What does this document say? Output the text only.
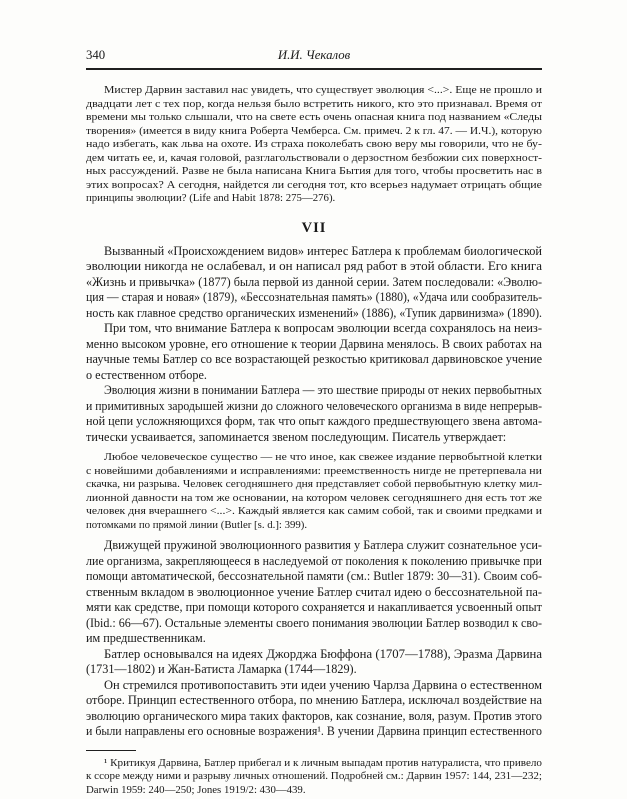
340	И.И. Чекалов
Мистер Дарвин заставил нас увидеть, что существует эволюция <...>. Еще не прошло и
двадцати лет с тех пор, когда нельзя было встретить никого, кто это признавал. Время от
времени мы только слышали, что на свете есть очень опасная книга под названием «Следы
творения» (имеется в виду книга Роберта Чемберса. См. примеч. 2 к гл. 47. — И.Ч.), которую
надо избегать, как льва на охоте. Из страха поколебать свою веру мы говорили, что не бу-
дем читать ее, и, качая головой, разглагольствовали о дерзостном безбожии сих поверхност-
ных рассуждений. Разве не была написана Книга Бытия для того, чтобы просветить нас в
этих вопросах? А сегодня, найдется ли сегодня тот, кто всерьез надумает отрицать общие
принципы эволюции? (Life and Habit 1878: 275—276).
VII
Вызванный «Происхождением видов» интерес Батлера к проблемам биологической
эволюции никогда не ослабевал, и он написал ряд работ в этой области. Его книга
«Жизнь и привычка» (1877) была первой из данной серии. Затем последовали: «Эволю-
ция — старая и новая» (1879), «Бессознательная память» (1880), «Удача или сообразитель-
ность как главное средство органических изменений» (1886), «Тупик дарвинизма» (1890).
При том, что внимание Батлера к вопросам эволюции всегда сохранялось на неиз-
менно высоком уровне, его отношение к теории Дарвина менялось. В своих работах на
научные темы Батлер со все возрастающей резкостью критиковал дарвиновское учение
о естественном отборе.
Эволюция жизни в понимании Батлера — это шествие природы от неких первобытных
и примитивных зародышей жизни до сложного человеческого организма в виде непрерыв-
ной цепи усложняющихся форм, так что опыт каждого предшествующего звена автома-
тически усваивается, запоминается звеном последующим. Писатель утверждает:
Любое человеческое существо — не что иное, как свежее издание первобытной клетки
с новейшими добавлениями и исправлениями: преемственность нигде не претерпевала ни
скачка, ни разрыва. Человек сегодняшнего дня представляет собой первобытную клетку мил-
лионной давности на том же основании, на котором человек сегодняшнего дня есть тот же
человек дня вчерашнего <...>. Каждый является как самим собой, так и своими предками и
потомками по прямой линии (Butler [s. d.]: 399).
Движущей пружиной эволюционного развития у Батлера служит сознательное уси-
лие организма, закрепляющееся в наследуемой от поколения к поколению привычке при
помощи автоматической, бессознательной памяти (см.: Butler 1879: 30—31). Своим соб-
ственным вкладом в эволюционное учение Батлер считал идею о бессознательной па-
мяти как средстве, при помощи которого сохраняется и накапливается усвоенный опыт
(Ibid.: 66—67). Остальные элементы своего понимания эволюции Батлер возводил к сво-
им предшественникам.
Батлер основывался на идеях Джорджа Бюффона (1707—1788), Эразма Дарвина
(1731—1802) и Жан-Батиста Ламарка (1744—1829).
Он стремился противопоставить эти идеи учению Чарлза Дарвина о естественном
отборе. Принцип естественного отбора, по мнению Батлера, исключал воздействие на
эволюцию органического мира таких факторов, как сознание, воля, разум. Против этого
и были направлены его основные возражения¹. В учении Дарвина принцип естественного
¹ Критикуя Дарвина, Батлер прибегал и к личным выпадам против натуралиста, что привело
к ссоре между ними и разрыву личных отношений. Подробней см.: Дарвин 1957: 144, 231—232;
Darwin 1959: 240—250; Jones 1919/2: 430—439.
